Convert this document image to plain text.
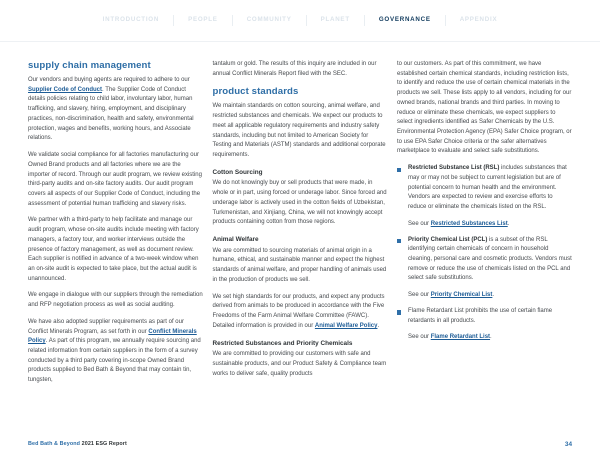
INTRODUCTION	PEOPLE	COMMUNITY	PLANET	GOVERNANCE	APPENDIX
supply chain management

Our vendors and buying agents are required to adhere to our Supplier Code of Conduct. The Supplier Code of Conduct details policies relating to child labor, involuntary labor, human trafficking, and slavery, hiring, employment, and disciplinary practices, non-discrimination, health and safety, environmental protection, wages and benefits, working hours, and Associate relations.

We validate social compliance for all factories manufacturing our Owned Brand products and all factories where we are the importer of record. Through our audit program, we review existing third-party audits and on-site factory audits. Our audit program covers all aspects of our Supplier Code of Conduct, including the assessment of potential human trafficking and slavery risks.

We partner with a third-party to help facilitate and manage our audit program, whose on-site audits include meeting with factory managers, a factory tour, and worker interviews outside the presence of factory management, as well as document review. Each supplier is notified in advance of a two-week window when an on-site audit is expected to take place, but the actual audit is unannounced.

We engage in dialogue with our suppliers through the remediation and RFP negotiation process as well as social auditing.

We have also adopted supplier requirements as part of our Conflict Minerals Program, as set forth in our Conflict Minerals Policy. As part of this program, we annually require sourcing and related information from certain suppliers in the form of a survey conducted by a third party covering in-scope Owned Brand products supplied to Bed Bath & Beyond that may contain tin, tungsten,

tantalum or gold. The results of this inquiry are included in our annual Conflict Minerals Report filed with the SEC.

product standards

We maintain standards on cotton sourcing, animal welfare, and restricted substances and chemicals. We expect our products to meet all applicable regulatory requirements and industry safety standards, including but not limited to American Society for Testing and Materials (ASTM) standards and additional corporate requirements.

Cotton Sourcing

We do not knowingly buy or sell products that were made, in whole or in part, using forced or underage labor. Since forced and underage labor is actively used in the cotton fields of Uzbekistan, Turkmenistan, and Xinjiang, China, we will not knowingly accept products containing cotton from those regions.

Animal Welfare

We are committed to sourcing materials of animal origin in a humane, ethical, and sustainable manner and expect the highest standards of animal welfare, and proper handling of animals used in the production of products we sell.

We set high standards for our products, and expect any products derived from animals to be produced in accordance with the Five Freedoms of the Farm Animal Welfare Committee (FAWC). Detailed information is provided in our Animal Welfare Policy.

Restricted Substances and Priority Chemicals

We are committed to providing our customers with safe and sustainable products, and our Product Safety & Compliance team works to deliver safe, quality products

to our customers. As part of this commitment, we have established certain chemical standards, including restriction lists, to identify and reduce the use of certain chemical materials in the products we sell. These lists apply to all vendors, including for our owned brands, national brands and third parties. In moving to reduce or eliminate these chemicals, we expect suppliers to select ingredients identified as Safer Chemicals by the U.S. Environmental Protection Agency (EPA) Safer Choice program, or to use EPA Safer Choice criteria or the safer alternatives marketplace to evaluate and select safe substitutions.

Restricted Substance List (RSL) includes substances that may or may not be subject to current legislation but are of potential concern to human health and the environment. Vendors are expected to review and exercise efforts to reduce or eliminate the chemicals listed on the RSL.

See our Restricted Substances List.

Priority Chemical List (PCL) is a subset of the RSL identifying certain chemicals of concern in household cleaning, personal care and cosmetic products. Vendors must remove or reduce the use of chemicals listed on the PCL and select safe substitutions.

See our Priority Chemical List.

Flame Retardant List prohibits the use of certain flame retardants in all products.

See our Flame Retardant List.

Bed Bath & Beyond 2021 ESG Report	34
